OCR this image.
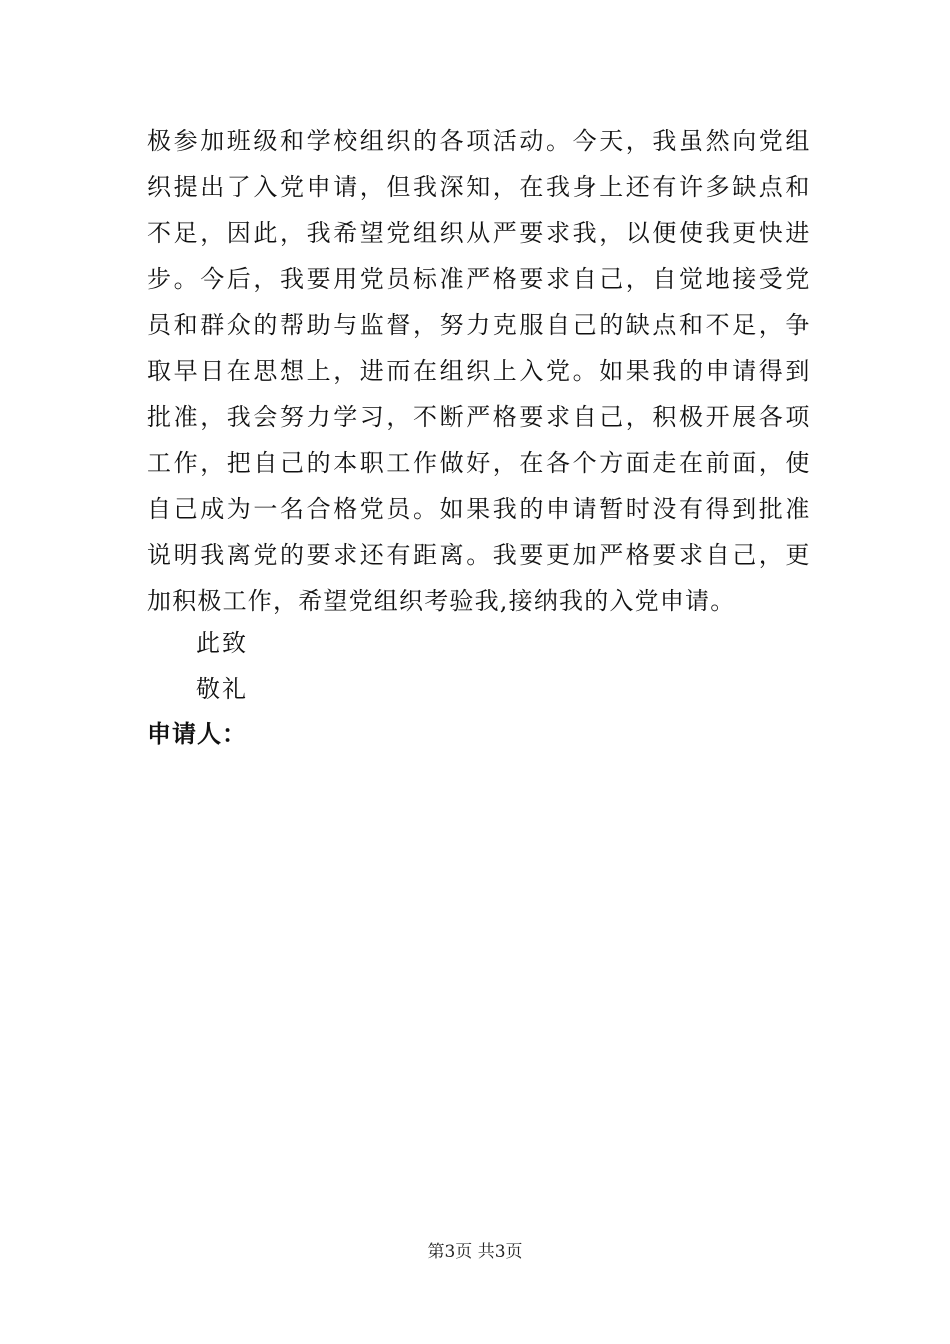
极参加班级和学校组织的各项活动。今天，我虽然向党组
织提出了入党申请，但我深知，在我身上还有许多缺点和
不足，因此，我希望党组织从严要求我，以便使我更快进
步。今后，我要用党员标准严格要求自己，自觉地接受党
员和群众的帮助与监督，努力克服自己的缺点和不足，争
取早日在思想上，进而在组织上入党。如果我的申请得到
批准，我会努力学习，不断严格要求自己，积极开展各项
工作，把自己的本职工作做好，在各个方面走在前面，使
自己成为一名合格党员。如果我的申请暂时没有得到批准
说明我离党的要求还有距离。我要更加严格要求自己，更
加积极工作，希望党组织考验我,接纳我的入党申请。
此致
敬礼
申请人：
第3页 共3页
